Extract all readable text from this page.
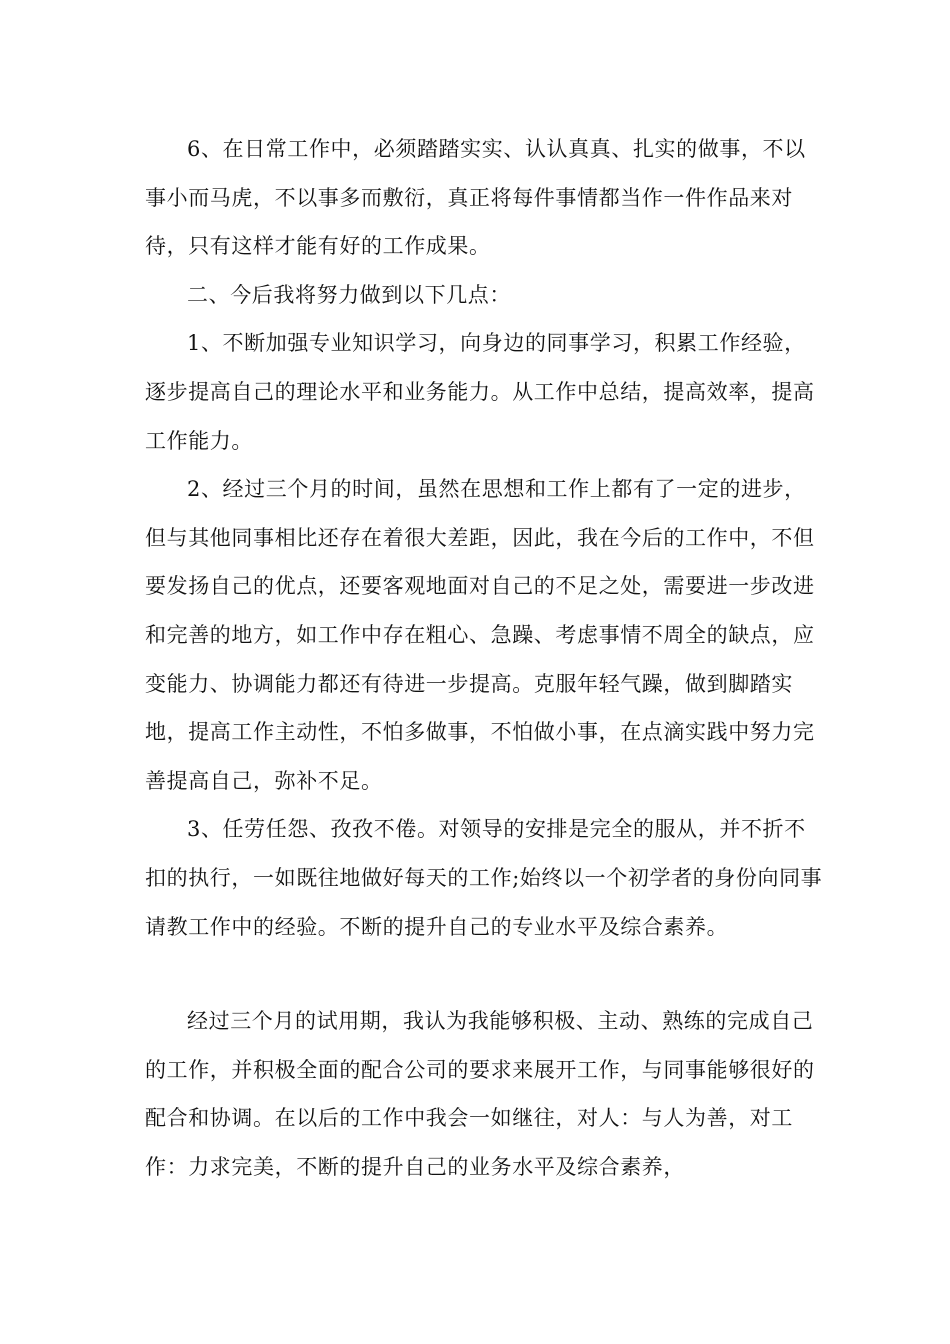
6、在日常工作中，必须踏踏实实、认认真真、扎实的做事，不以事小而马虎，不以事多而敷衍，真正将每件事情都当作一件作品来对待，只有这样才能有好的工作成果。

二、今后我将努力做到以下几点：

1、不断加强专业知识学习，向身边的同事学习，积累工作经验，逐步提高自己的理论水平和业务能力。从工作中总结，提高效率，提高工作能力。

2、经过三个月的时间，虽然在思想和工作上都有了一定的进步，但与其他同事相比还存在着很大差距，因此，我在今后的工作中，不但要发扬自己的优点，还要客观地面对自己的不足之处，需要进一步改进和完善的地方，如工作中存在粗心、急躁、考虑事情不周全的缺点，应变能力、协调能力都还有待进一步提高。克服年轻气躁，做到脚踏实地，提高工作主动性，不怕多做事，不怕做小事，在点滴实践中努力完善提高自己，弥补不足。

3、任劳任怨、孜孜不倦。对领导的安排是完全的服从，并不折不扣的执行，一如既往地做好每天的工作;始终以一个初学者的身份向同事请教工作中的经验。不断的提升自己的专业水平及综合素养。

经过三个月的试用期，我认为我能够积极、主动、熟练的完成自己的工作，并积极全面的配合公司的要求来展开工作，与同事能够很好的配合和协调。在以后的工作中我会一如继往，对人：与人为善，对工作：力求完美，不断的提升自己的业务水平及综合素养，
